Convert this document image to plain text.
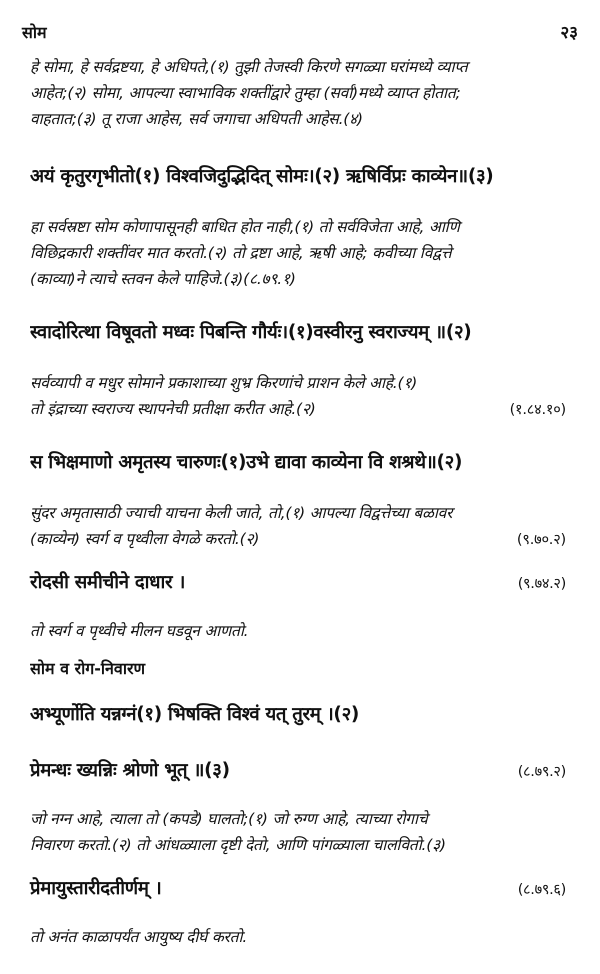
सोम	२३
हे सोमा, हे सर्वद्रष्टया, हे अधिपते,(१) तुझी तेजस्वी किरणे सगळ्या घरांमध्ये व्याप्त
आहेत;(२) सोमा, आपल्या स्वाभाविक शक्तींद्वारे तुम्हा (सर्वा)मध्ये व्याप्त होतात;
वाहतात;(३) तू राजा आहेस, सर्व जगाचा अधिपती आहेस.(४)
अयं कृतुरगृभीतो(१) विश्वजिदुद्भिदित् सोमः।(२) ऋषिर्विप्रः काव्येन॥(३)
हा सर्वस्रष्टा सोम कोणापासूनही बाधित होत नाही,(१) तो सर्वविजेता आहे, आणि
विछिद्रकारी शक्तींवर मात करतो.(२) तो द्रष्टा आहे, ऋषी आहे; कवीच्या विद्वत्ते
(काव्या)ने त्याचे स्तवन केले पाहिजे.(३)(८.७९.१)
स्वादोरित्था विषूवतो मध्वः पिबन्ति गौर्यः।(१)वस्वीरनु स्वराज्यम् ॥(२)
सर्वव्यापी व मधुर सोमाने प्रकाशाच्या शुभ्र किरणांचे प्राशन केले आहे.(१)
तो इंद्राच्या स्वराज्य स्थापनेची प्रतीक्षा करीत आहे.(२)	(१.८४.१०)
स भिक्षमाणो अमृतस्य चारुणः(१)उभे द्यावा काव्येना वि शश्रथे॥(२)
सुंदर अमृतासाठी ज्याची याचना केली जाते, तो,(१) आपल्या विद्वत्तेच्या बळावर
(काव्येन) स्वर्ग व पृथ्वीला वेगळे करतो.(२)	(९.७०.२)
रोदसी समीचीने दाधार ।	(९.७४.२)
तो स्वर्ग व पृथ्वीचे मीलन घडवून आणतो.
सोम व रोग-निवारण
अभ्यूर्णोति यन्नग्नं(१) भिषक्ति विश्वं यत् तुरम् ।(२)
प्रेमन्धः ख्यन्निः श्रोणो भूत् ॥(३)	(८.७९.२)
जो नग्न आहे, त्याला तो (कपडे) घालतो;(१) जो रुग्ण आहे, त्याच्या रोगाचे
निवारण करतो.(२) तो आंधळ्याला दृष्टी देतो, आणि पांगळ्याला चालवितो.(३)
प्रेमायुस्तारीदतीर्णम् ।	(८.७९.६)
तो अनंत काळापर्यंत आयुष्य दीर्घ करतो.
